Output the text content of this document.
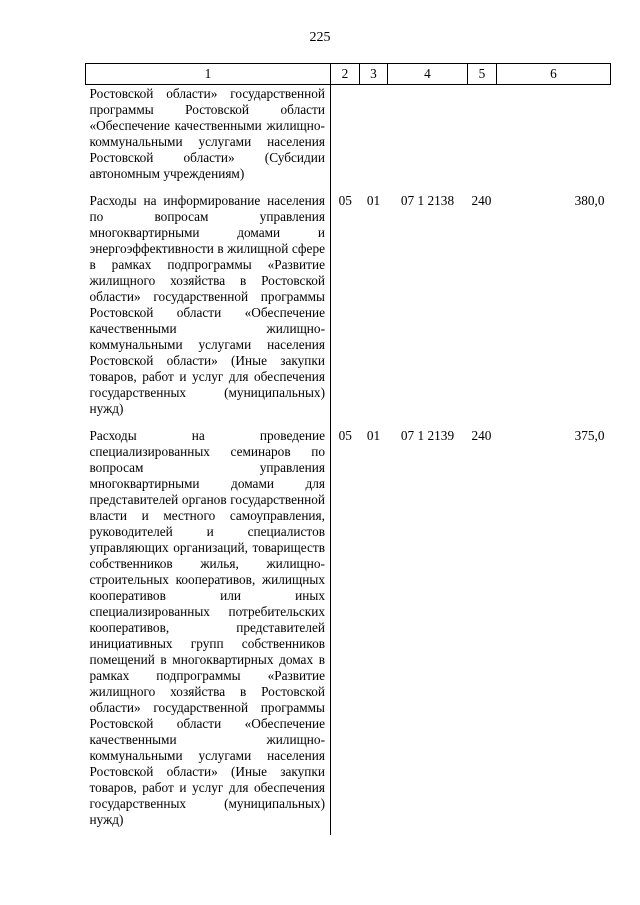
225
1	2	3	4	5	6
Ростовской области» государственной программы Ростовской области «Обеспечение качественными жилищно-коммунальными услугами населения Ростовской области» (Субсидии автономным учреждениям)					
Расходы на информирование населения по вопросам управления многоквартирными домами и энергоэффективности в жилищной сфере в рамках подпрограммы «Развитие жилищного хозяйства в Ростовской области» государственной программы Ростовской области «Обеспечение качественными жилищно-коммунальными услугами населения Ростовской области» (Иные закупки товаров, работ и услуг для обеспечения государственных (муниципальных) нужд)	05	01	07 1 2138	240	380,0
Расходы на проведение специализированных семинаров по вопросам управления многоквартирными домами для представителей органов государственной власти и местного самоуправления, руководителей и специалистов управляющих организаций, товариществ собственников жилья, жилищно-строительных кооперативов, жилищных кооперативов или иных специализированных потребительских кооперативов, представителей инициативных групп собственников помещений в многоквартирных домах в рамках подпрограммы «Развитие жилищного хозяйства в Ростовской области» государственной программы Ростовской области «Обеспечение качественными жилищно-коммунальными услугами населения Ростовской области» (Иные закупки товаров, работ и услуг для обеспечения государственных (муниципальных) нужд)	05	01	07 1 2139	240	375,0
